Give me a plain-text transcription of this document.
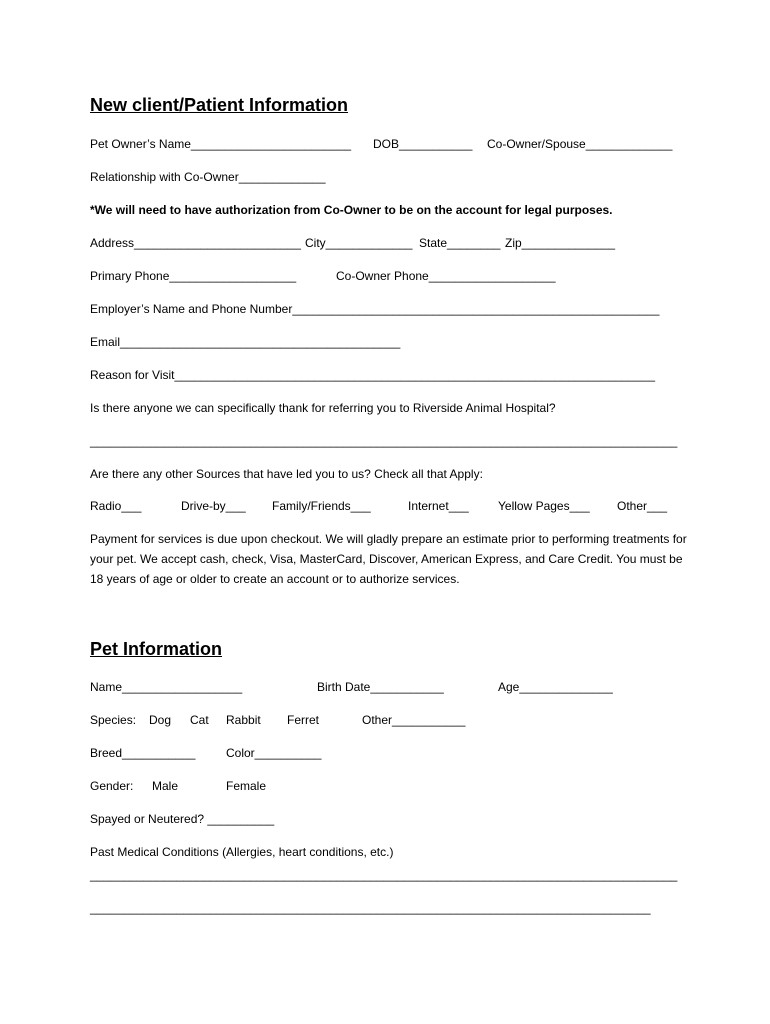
New client/Patient Information
Pet Owner’s Name________________________ DOB___________ Co-Owner/Spouse_____________
Relationship with Co-Owner_____________
*We will need to have authorization from Co-Owner to be on the account for legal purposes.
Address_________________________ City_____________ State________ Zip______________
Primary Phone___________________	Co-Owner Phone___________________
Employer’s Name and Phone Number_______________________________________________________
Email__________________________________________
Reason for Visit________________________________________________________________________
Is there anyone we can specifically thank for referring you to Riverside Animal Hospital?
________________________________________________________________________________________
Are there any other Sources that have led you to us? Check all that Apply:
Radio___	Drive-by___ Family/Friends___	Internet___ Yellow Pages___ Other___
Payment for services is due upon checkout. We will gladly prepare an estimate prior to performing treatments for your pet. We accept cash, check, Visa, MasterCard, Discover, American Express, and Care Credit. You must be 18 years of age or older to create an account or to authorize services.
Pet Information
Name__________________	Birth Date___________	Age______________
Species: Dog Cat Rabbit Ferret	Other___________
Breed___________	Color__________
Gender: Male	Female
Spayed or Neutered? __________
Past Medical Conditions (Allergies, heart conditions, etc.)
________________________________________________________________________________________
____________________________________________________________________________________
